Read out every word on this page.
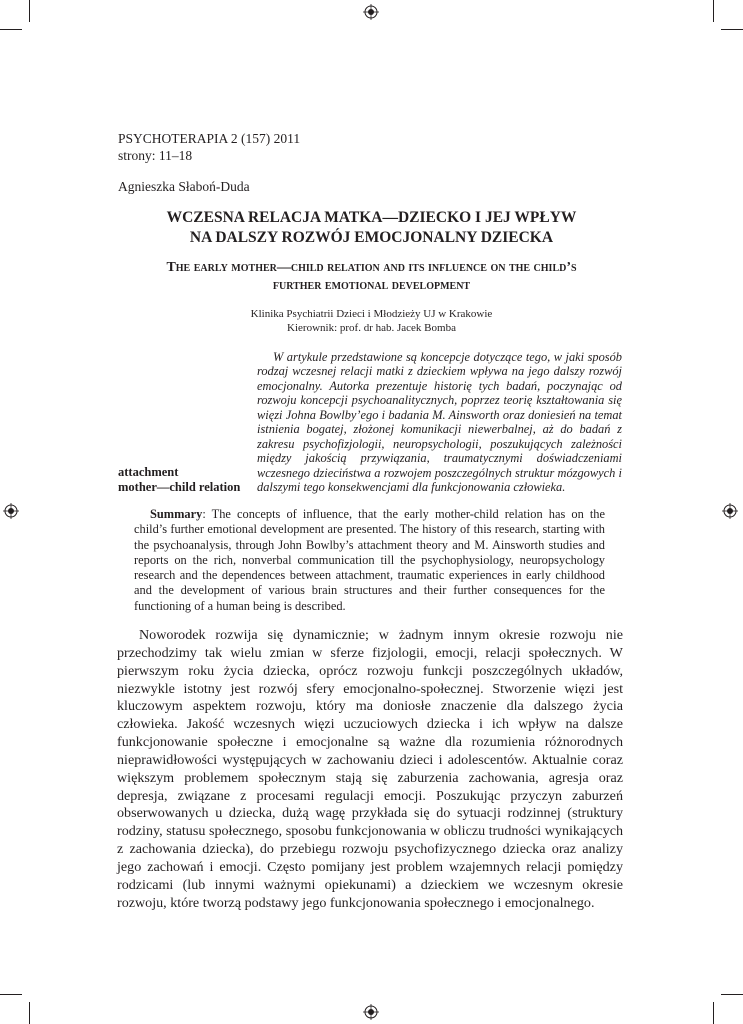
PSYCHOTERAPIA 2 (157) 2011
strony: 11–18
Agnieszka Słaboń-Duda
WCZESNA RELACJA MATKA—DZIECKO I JEJ WPŁYW
NA DALSZY ROZWÓJ EMOCJONALNY DZIECKA
The early mother—child relation and its influence on the child’s
further emotional development
Klinika Psychiatrii Dzieci i Młodzieży UJ w Krakowie
Kierownik: prof. dr hab. Jacek Bomba
W artykule przedstawione są koncepcje dotyczące tego, w jaki sposób rodzaj wczesnej relacji matki z dzieckiem wpływa na jego dalszy rozwój emocjonalny. Autorka prezentuje historię tych badań, poczynając od rozwoju koncepcji psychoanalitycznych, poprzez teorię kształtowania się więzi Johna Bowlby’ego i badania M. Ainsworth oraz doniesień na temat istnienia bogatej, złożonej komunikacji niewerbalnej, aż do badań z zakresu psychofizjologii, neuropsychologii, poszukujących zależności między jakością przywiązania, traumatycznymi doświadczeniami wczesnego dzieciństwa a rozwojem poszczególnych struktur mózgowych i dalszymi tego konsekwencjami dla funkcjonowania człowieka.
attachment
mother—child relation
Summary: The concepts of influence, that the early mother-child relation has on the child’s further emotional development are presented. The history of this research, starting with the psychoanalysis, through John Bowlby’s attachment theory and M. Ainsworth studies and reports on the rich, nonverbal communication till the psychophysiology, neuropsychology research and the dependences between attachment, traumatic experiences in early childhood and the development of various brain structures and their further consequences for the functioning of a human being is described.
Noworodek rozwija się dynamicznie; w żadnym innym okresie rozwoju nie przechodzimy tak wielu zmian w sferze fizjologii, emocji, relacji społecznych. W pierwszym roku życia dziecka, oprócz rozwoju funkcji poszczególnych układów, niezwykle istotny jest rozwój sfery emocjonalno-społecznej. Stworzenie więzi jest kluczowym aspektem rozwoju, który ma doniosłe znaczenie dla dalszego życia człowieka. Jakość wczesnych więzi uczuciowych dziecka i ich wpływ na dalsze funkcjonowanie społeczne i emocjonalne są ważne dla rozumienia różnorodnych nieprawidłowości występujących w zachowaniu dzieci i adolescentów. Aktualnie coraz większym problemem społecznym stają się zaburzenia zachowania, agresja oraz depresja, związane z procesami regulacji emocji. Poszukując przyczyn zaburzeń obserwowanych u dziecka, dużą wagę przykłada się do sytuacji rodzinnej (struktury rodziny, statusu społecznego, sposobu funkcjonowania w obliczu trudności wynikających z zachowania dziecka), do przebiegu rozwoju psychofizycznego dziecka oraz analizy jego zachowań i emocji. Często pomijany jest problem wzajemnych relacji pomiędzy rodzicami (lub innymi ważnymi opiekunami) a dzieckiem we wczesnym okresie rozwoju, które tworzą podstawy jego funkcjonowania społecznego i emocjonalnego.
